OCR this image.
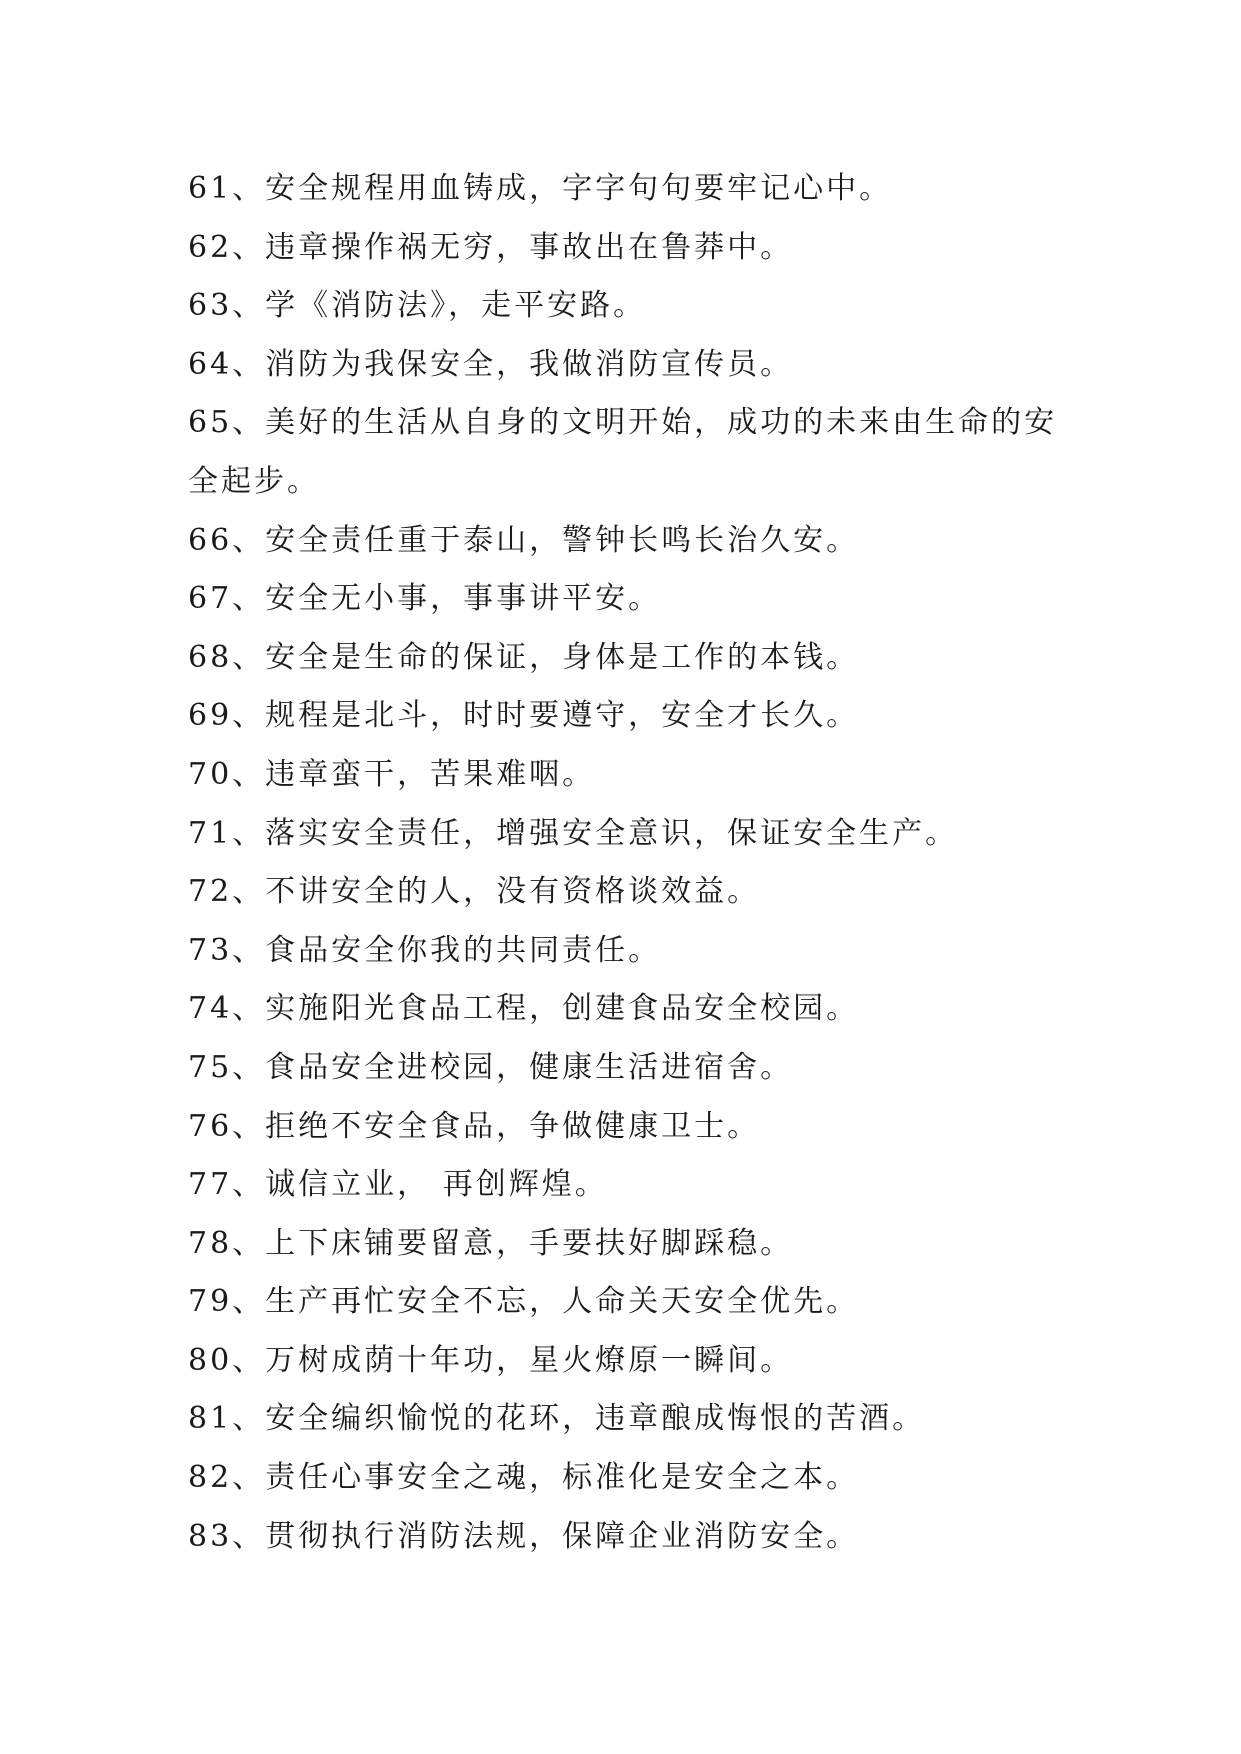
61、安全规程用血铸成，字字句句要牢记心中。

62、违章操作祸无穷，事故出在鲁莽中。

63、学《消防法》，走平安路。

64、消防为我保安全，我做消防宣传员。

65、美好的生活从自身的文明开始，成功的未来由生命的安全起步。

66、安全责任重于泰山，警钟长鸣长治久安。

67、安全无小事，事事讲平安。

68、安全是生命的保证，身体是工作的本钱。

69、规程是北斗，时时要遵守，安全才长久。

70、违章蛮干，苦果难咽。

71、落实安全责任，增强安全意识，保证安全生产。

72、不讲安全的人，没有资格谈效益。

73、食品安全你我的共同责任。

74、实施阳光食品工程，创建食品安全校园。

75、食品安全进校园，健康生活进宿舍。

76、拒绝不安全食品，争做健康卫士。

77、诚信立业， 再创辉煌。

78、上下床铺要留意，手要扶好脚踩稳。

79、生产再忙安全不忘，人命关天安全优先。

80、万树成荫十年功，星火燎原一瞬间。

81、安全编织愉悦的花环，违章酿成悔恨的苦酒。

82、责任心事安全之魂，标准化是安全之本。

83、贯彻执行消防法规，保障企业消防安全。
